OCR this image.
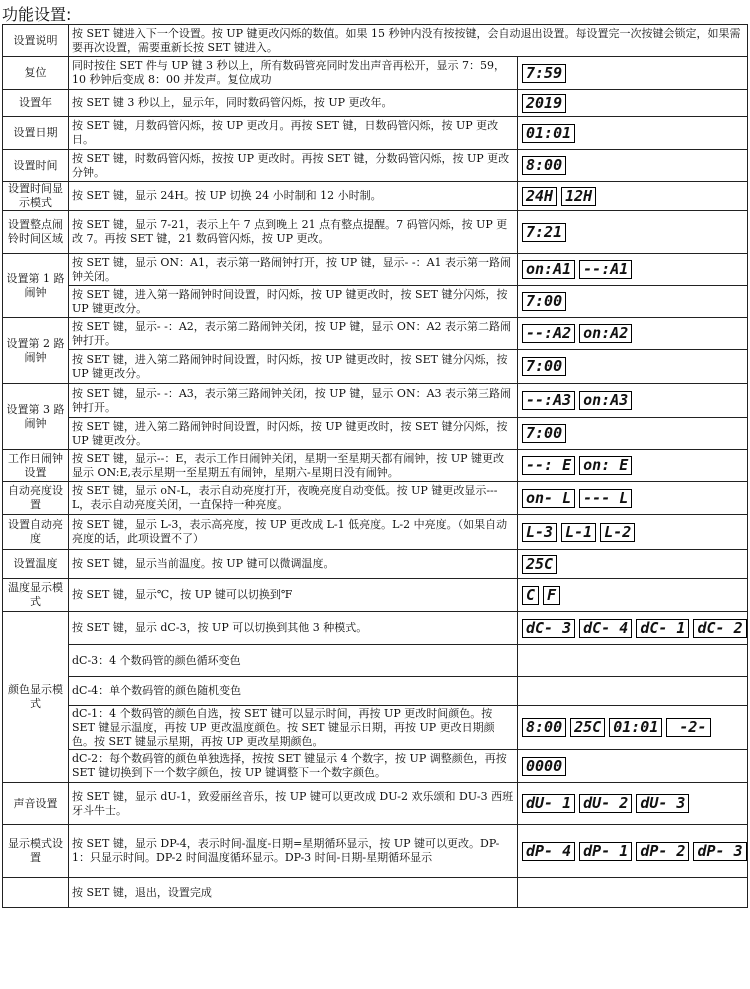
功能设置:
设置说明	按 SET 键进入下一个设置。按 UP 键更改闪烁的数值。如果 15 秒钟内没有按按键，会自动退出设置。每设置完一次按键会锁定，如果需要再次设置，需要重新长按 SET 键进入。	
复位	同时按住 SET 件与 UP 键 3 秒以上，所有数码管亮同时发出声音再松开，显示 7：59， 10 秒钟后变成 8：00 并发声。复位成功	7:59
设置年	按 SET 键 3 秒以上，显示年，同时数码管闪烁，按 UP 更改年。	2019
设置日期	按 SET 键，月数码管闪烁，按 UP 更改月。再按 SET 键，日数码管闪烁，按 UP 更改日。	01:01
设置时间	按 SET 键，时数码管闪烁，按按 UP 更改时。再按 SET 键，分数码管闪烁，按 UP 更改分钟。	8:00
设置时间显示模式	按 SET 键，显示 24H。按 UP 切换 24 小时制和 12 小时制。	24H 12H
设置整点闹铃时间区域	按 SET 键，显示 7-21，表示上午 7 点到晚上 21 点有整点提醒。7 码管闪烁，按 UP 更改 7。再按 SET 键，21 数码管闪烁，按 UP 更改。	7:21
设置第 1 路闹钟	按 SET 键，显示 ON：A1，表示第一路闹钟打开，按 UP 键，显示- -：A1 表示第一路闹钟关闭。	on:A1 --:A1
	按 SET 键，进入第一路闹钟时间设置，时闪烁，按 UP 键更改时，按 SET 键分闪烁，按 UP 键更改分。	7:00
设置第 2 路闹钟	按 SET 键，显示- -：A2，表示第二路闹钟关闭，按 UP 键，显示 ON：A2 表示第二路闹钟打开。	--:A2 on:A2
	按 SET 键，进入第二路闹钟时间设置，时闪烁，按 UP 键更改时，按 SET 键分闪烁，按 UP 键更改分。	7:00
设置第 3 路闹钟	按 SET 键，显示- -：A3，表示第三路闹钟关闭，按 UP 键，显示 ON：A3 表示第三路闹钟打开。	--:A3 on:A3
	按 SET 键，进入第二路闹钟时间设置，时闪烁，按 UP 键更改时，按 SET 键分闪烁，按 UP 键更改分。	7:00
工作日闹钟设置	按 SET 键，显示--：E，表示工作日闹钟关闭，星期一至星期天都有闹钟，按 UP 键更改显示 ON:E,表示星期一至星期五有闹钟，星期六-星期日没有闹钟。	--: E on: E
自动亮度设置	按 SET 键，显示 oN-L，表示自动亮度打开，夜晚亮度自动变低。按 UP 键更改显示---L，表示自动亮度关闭，一直保持一种亮度。	on- L --- L
设置自动亮度	按 SET 键，显示 L-3，表示高亮度，按 UP 更改成 L-1 低亮度。L-2 中亮度。（如果自动亮度的话，此项设置不了）	L-3 L-1 L-2
设置温度	按 SET 键，显示当前温度。按 UP 键可以微调温度。	25C
温度显示模式	按 SET 键，显示℃，按 UP 键可以切换到℉	C F
颜色显示模式	按 SET 键，显示 dC-3，按 UP 可以切换到其他 3 种模式。	dC- 3 dC- 4 dC- 1 dC- 2
	dC-3：4 个数码管的颜色循环变色	
	dC-4：单个数码管的颜色随机变色	
	dC-1：4 个数码管的颜色自选，按 SET 键可以显示时间，再按 UP 更改时间颜色。按 SET 键显示温度，再按 UP 更改温度颜色。按 SET 键显示日期，再按 UP 更改日期颜色。按 SET 键显示星期，再按 UP 更改星期颜色。	8:00 25C 01:01 -2-
	dC-2：每个数码管的颜色单独选择，按按 SET 键显示 4 个数字，按 UP 调整颜色，再按 SET 键切换到下一个数字颜色，按 UP 键调整下一个数字颜色。	0000
声音设置	按 SET 键，显示 dU-1，致爱丽丝音乐，按 UP 键可以更改成 DU-2 欢乐颂和 DU-3 西班牙斗牛士。	dU- 1 dU- 2 dU- 3
显示模式设置	按 SET 键，显示 DP-4，表示时间-温度-日期=星期循环显示，按 UP 键可以更改。DP-1：只显示时间。DP-2 时间温度循环显示。DP-3 时间-日期-星期循环显示	dP- 4 dP- 1 dP- 2 dP- 3
	按 SET 键，退出，设置完成	
